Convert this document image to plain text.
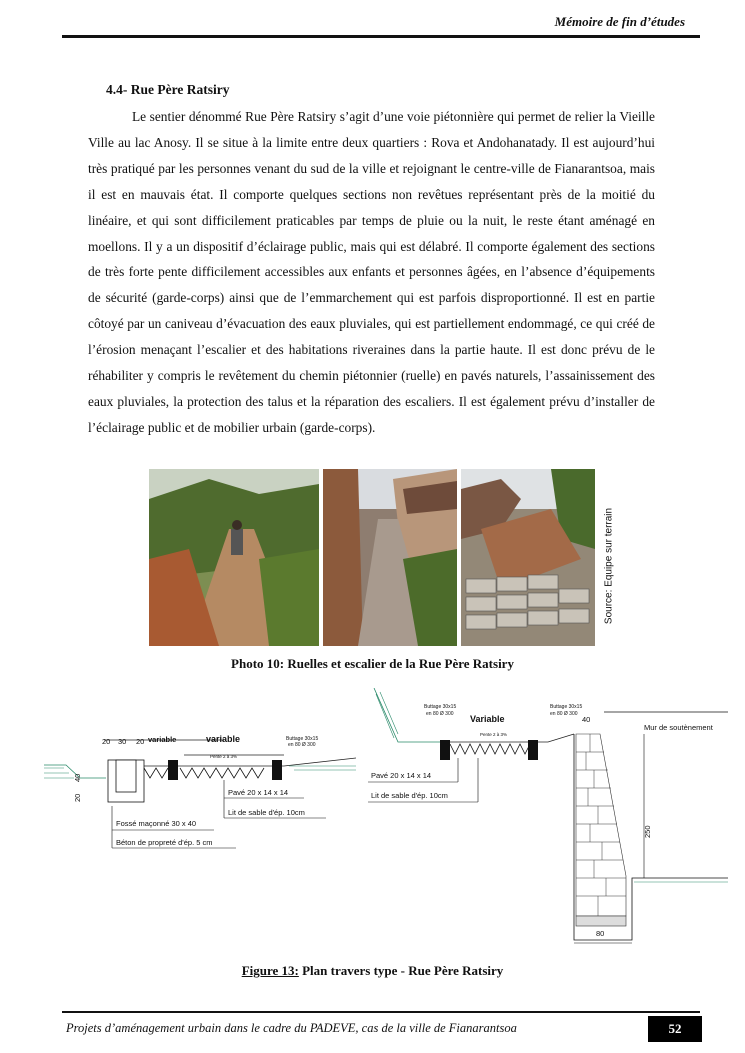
Mémoire de fin d’études
4.4- Rue Père Ratsiry

Le sentier dénommé Rue Père Ratsiry s’agit d’une voie piétonnière qui permet de relier la Vieille Ville au lac Anosy. Il se situe à la limite entre deux quartiers : Rova et Andohanatady. Il est aujourd’hui très pratiqué par les personnes venant du sud de la ville et rejoignant le centre-ville de Fianarantsoa, mais il est en mauvais état. Il comporte quelques sections non revêtues représentant près de la moitié du linéaire, et qui sont difficilement praticables par temps de pluie ou la nuit, le reste étant aménagé en moellons. Il y a un dispositif d’éclairage public, mais qui est délabré. Il comporte également des sections de très forte pente difficilement accessibles aux enfants et personnes âgées, en l’absence d’équipements de sécurité (garde-corps) ainsi que de l’emmarchement qui est parfois disproportionné. Il est en partie côtoyé par un caniveau d’évacuation des eaux pluviales, qui est partiellement endommagé, ce qui créé de l’érosion menaçant l’escalier et des habitations riveraines dans la partie haute. Il est donc prévu de le réhabiliter y compris le revêtement du chemin piétonnier (ruelle) en pavés naturels, l’assainissement des eaux pluviales, la protection des talus et la réparation des escaliers. Il est également prévu d’installer de l’éclairage public et de mobilier urbain (garde-corps).

Source: Equipe sur terrain
Photo 10: Ruelles et escalier de la Rue Père Ratsiry
20 30 20 variable	variable	Buttage 30x15
en 80 Ø 300
Pente 2 à 3%
40
20
Pavé 20 x 14 x 14
Lit de sable d'ép. 10cm
Fossé maçonné 30 x 40
Béton de propreté d'ép. 5 cm
Buttage 30x15
en 80 Ø 300 Variable
Buttage 30x15
en 80 Ø 300
40
Pente 2 à 3%
Mur de soutènement
Pavé 20 x 14 x 14
Lit de sable d'ép. 10cm
250
80
Figure 13: Plan travers type - Rue Père Ratsiry
Projets d’aménagement urbain dans le cadre du PADEVE, cas de la ville de Fianarantsoa	52
